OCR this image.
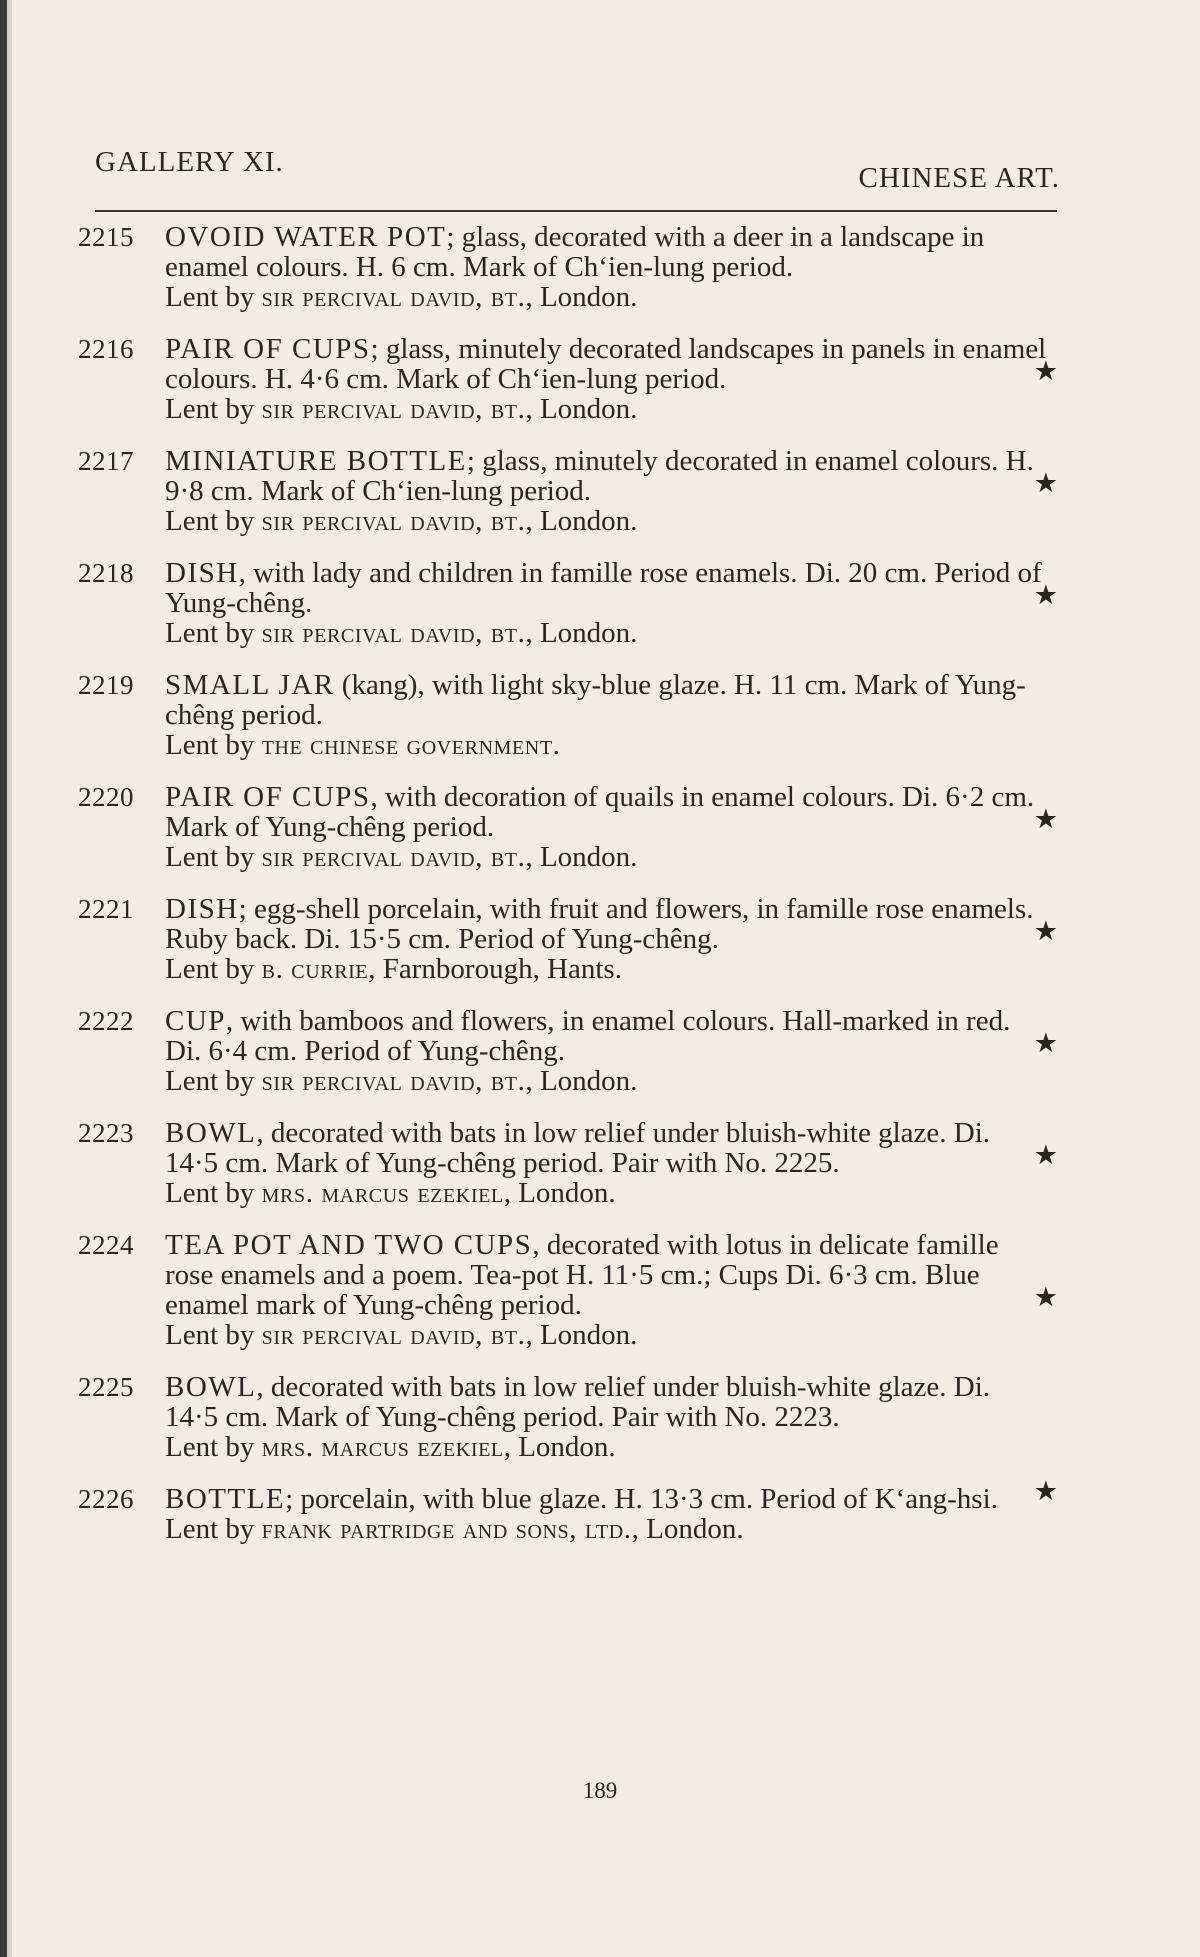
GALLERY XI.	CHINESE ART.
2215	OVOID WATER POT; glass, decorated with a deer in a landscape in enamel colours. H. 6 cm. Mark of Ch‘ien-lung period.
Lent by sir percival david, bt., London.
2216	PAIR OF CUPS; glass, minutely decorated landscapes in panels in enamel colours. H. 4·6 cm. Mark of Ch‘ien-lung period.
Lent by sir percival david, bt., London.
★
2217	MINIATURE BOTTLE; glass, minutely decorated in enamel colours. H. 9·8 cm. Mark of Ch‘ien-lung period.
Lent by sir percival david, bt., London.
★
2218	DISH, with lady and children in famille rose enamels. Di. 20 cm. Period of Yung-chêng.
Lent by sir percival david, bt., London.
★
2219	SMALL JAR (kang), with light sky-blue glaze. H. 11 cm. Mark of Yung-chêng period.
Lent by the chinese government.
2220	PAIR OF CUPS, with decoration of quails in enamel colours. Di. 6·2 cm. Mark of Yung-chêng period.
Lent by sir percival david, bt., London.
★
2221	DISH; egg-shell porcelain, with fruit and flowers, in famille rose enamels. Ruby back. Di. 15·5 cm. Period of Yung-chêng.
Lent by b. currie, Farnborough, Hants.
★
2222	CUP, with bamboos and flowers, in enamel colours. Hall-marked in red. Di. 6·4 cm. Period of Yung-chêng.
Lent by sir percival david, bt., London.
★
2223	BOWL, decorated with bats in low relief under bluish-white glaze. Di. 14·5 cm. Mark of Yung-chêng period. Pair with No. 2225.
Lent by mrs. marcus ezekiel, London.
★
2224	TEA POT AND TWO CUPS, decorated with lotus in delicate famille rose enamels and a poem. Tea-pot H. 11·5 cm.; Cups Di. 6·3 cm. Blue enamel mark of Yung-chêng period.
Lent by sir percival david, bt., London.
★
2225	BOWL, decorated with bats in low relief under bluish-white glaze. Di. 14·5 cm. Mark of Yung-chêng period. Pair with No. 2223.
Lent by mrs. marcus ezekiel, London.
2226	BOTTLE; porcelain, with blue glaze. H. 13·3 cm. Period of K‘ang-hsi.
Lent by frank partridge and sons, ltd., London.
★
189
